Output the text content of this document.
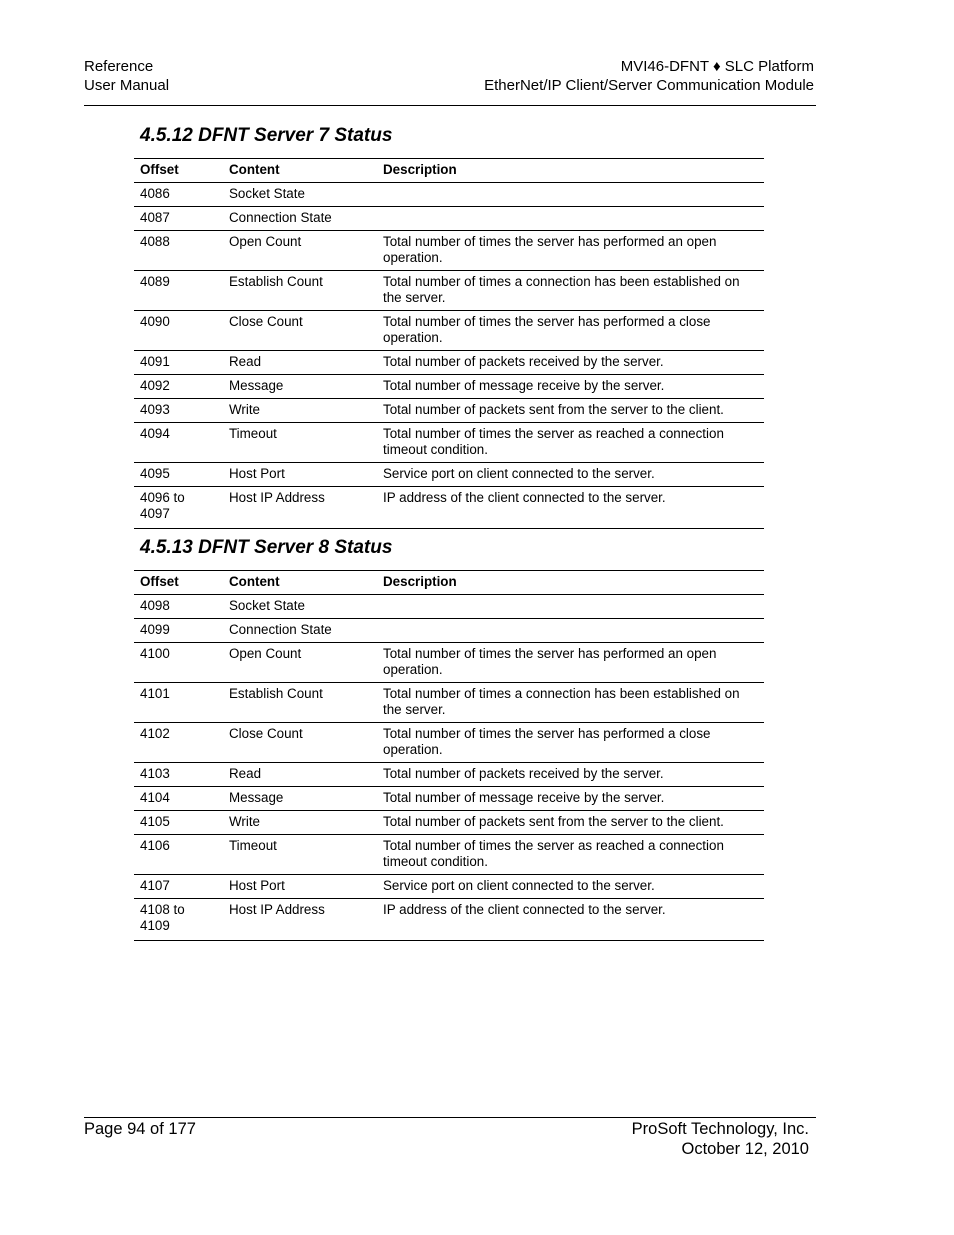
Reference
User Manual
MVI46-DFNT ♦ SLC Platform
EtherNet/IP Client/Server Communication Module
4.5.12 DFNT Server 7 Status
Offset	Content	Description
4086	Socket State	
4087	Connection State	
4088	Open Count	Total number of times the server has performed an open operation.
4089	Establish Count	Total number of times a connection has been established on the server.
4090	Close Count	Total number of times the server has performed a close operation.
4091	Read	Total number of packets received by the server.
4092	Message	Total number of message receive by the server.
4093	Write	Total number of packets sent from the server to the client.
4094	Timeout	Total number of times the server as reached a connection timeout condition.
4095	Host Port	Service port on client connected to the server.
4096 to 4097	Host IP Address	IP address of the client connected to the server.
4.5.13 DFNT Server 8 Status
Offset	Content	Description
4098	Socket State	
4099	Connection State	
4100	Open Count	Total number of times the server has performed an open operation.
4101	Establish Count	Total number of times a connection has been established on the server.
4102	Close Count	Total number of times the server has performed a close operation.
4103	Read	Total number of packets received by the server.
4104	Message	Total number of message receive by the server.
4105	Write	Total number of packets sent from the server to the client.
4106	Timeout	Total number of times the server as reached a connection timeout condition.
4107	Host Port	Service port on client connected to the server.
4108 to 4109	Host IP Address	IP address of the client connected to the server.
Page 94 of 177	ProSoft Technology, Inc.
October 12, 2010
